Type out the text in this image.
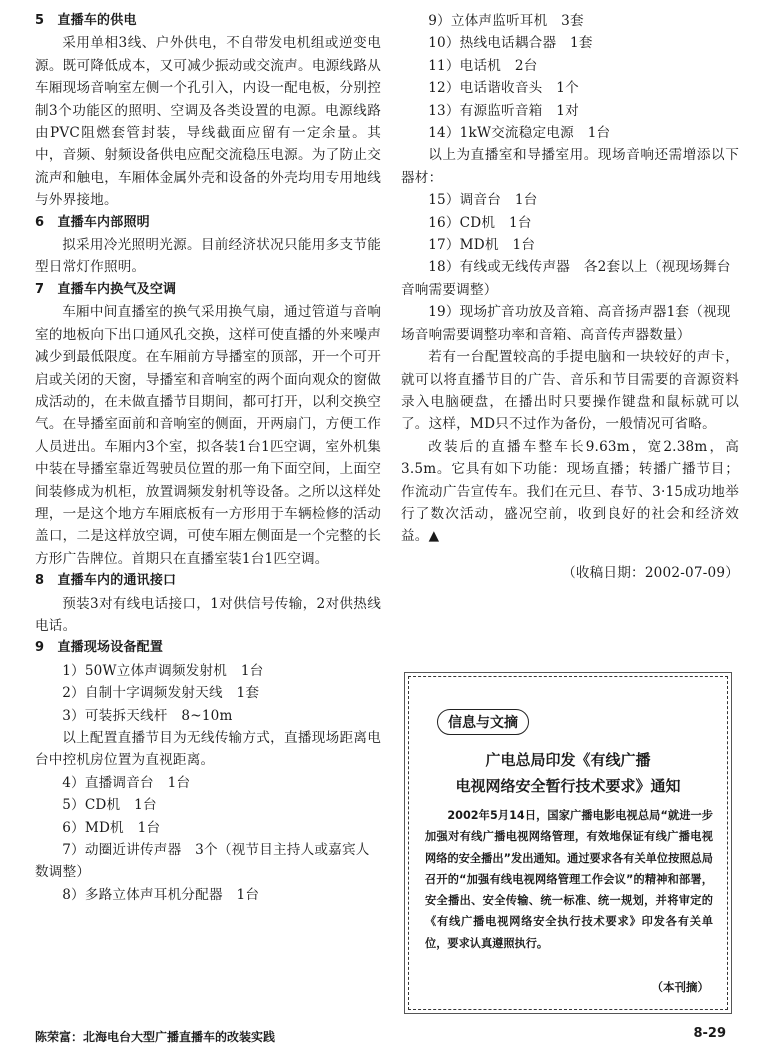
5　直播车的供电
采用单相3线、户外供电，不自带发电机组或逆变电源。既可降低成本，又可减少振动或交流声。电源线路从车厢现场音响室左侧一个孔引入，内设一配电板，分别控制3个功能区的照明、空调及各类设置的电源。电源线路由PVC阻燃套管封装，导线截面应留有一定余量。其中，音频、射频设备供电应配交流稳压电源。为了防止交流声和触电，车厢体金属外壳和设备的外壳均用专用地线与外界接地。
6　直播车内部照明
拟采用冷光照明光源。目前经济状况只能用多支节能型日常灯作照明。
7　直播车内换气及空调
车厢中间直播室的换气采用换气扇，通过管道与音响室的地板向下出口通风孔交换，这样可使直播的外来噪声减少到最低限度。在车厢前方导播室的顶部，开一个可开启或关闭的天窗，导播室和音响室的两个面向观众的窗做成活动的，在未做直播节目期间，都可打开，以利交换空气。在导播室面前和音响室的侧面，开两扇门，方便工作人员进出。车厢内3个室，拟各装1台1匹空调，室外机集中装在导播室靠近驾驶员位置的那一角下面空间，上面空间装修成为机柜，放置调频发射机等设备。之所以这样处理，一是这个地方车厢底板有一方形用于车辆检修的活动盖口，二是这样放空调，可使车厢左侧面是一个完整的长方形广告牌位。首期只在直播室装1台1匹空调。
8　直播车内的通讯接口
预装3对有线电话接口，1对供信号传输，2对供热线电话。
9　直播现场设备配置
1）50W立体声调频发射机　1台
2）自制十字调频发射天线　1套
3）可装拆天线杆　8~10m
以上配置直播节目为无线传输方式，直播现场距离电台中控机房位置为直视距离。
4）直播调音台　1台
5）CD机　1台
6）MD机　1台
7）动圈近讲传声器　3个（视节目主持人或嘉宾人数调整）
8）多路立体声耳机分配器　1台
9）立体声监听耳机　3套
10）热线电话耦合器　1套
11）电话机　2台
12）电话谐收音头　1个
13）有源监听音箱　1对
14）1kW交流稳定电源　1台
以上为直播室和导播室用。现场音响还需增添以下器材：
15）调音台　1台
16）CD机　1台
17）MD机　1台
18）有线或无线传声器　各2套以上（视现场舞台音响需要调整）
19）现场扩音功放及音箱、高音扬声器1套（视现场音响需要调整功率和音箱、高音传声器数量）
若有一台配置较高的手提电脑和一块较好的声卡，就可以将直播节目的广告、音乐和节目需要的音源资料录入电脑硬盘，在播出时只要操作键盘和鼠标就可以了。这样，MD只不过作为备份，一般情况可省略。
改装后的直播车整车长9.63m，宽2.38m，高3.5m。它具有如下功能：现场直播；转播广播节目；作流动广告宣传车。我们在元旦、春节、3·15成功地举行了数次活动，盛况空前，收到良好的社会和经济效益。▲
（收稿日期：2002-07-09）
信息与文摘
广电总局印发《有线广播
电视网络安全暂行技术要求》通知
2002年5月14日，国家广播电影电视总局“就进一步加强对有线广播电视网络管理，有效地保证有线广播电视网络的安全播出”发出通知。通过要求各有关单位按照总局召开的“加强有线电视网络管理工作会议”的精神和部署，安全播出、安全传输、统一标准、统一规划，并将审定的《有线广播电视网络安全执行技术要求》印发各有关单位，要求认真遵照执行。
（本刊摘）
陈荣富：北海电台大型广播直播车的改装实践	8-29
